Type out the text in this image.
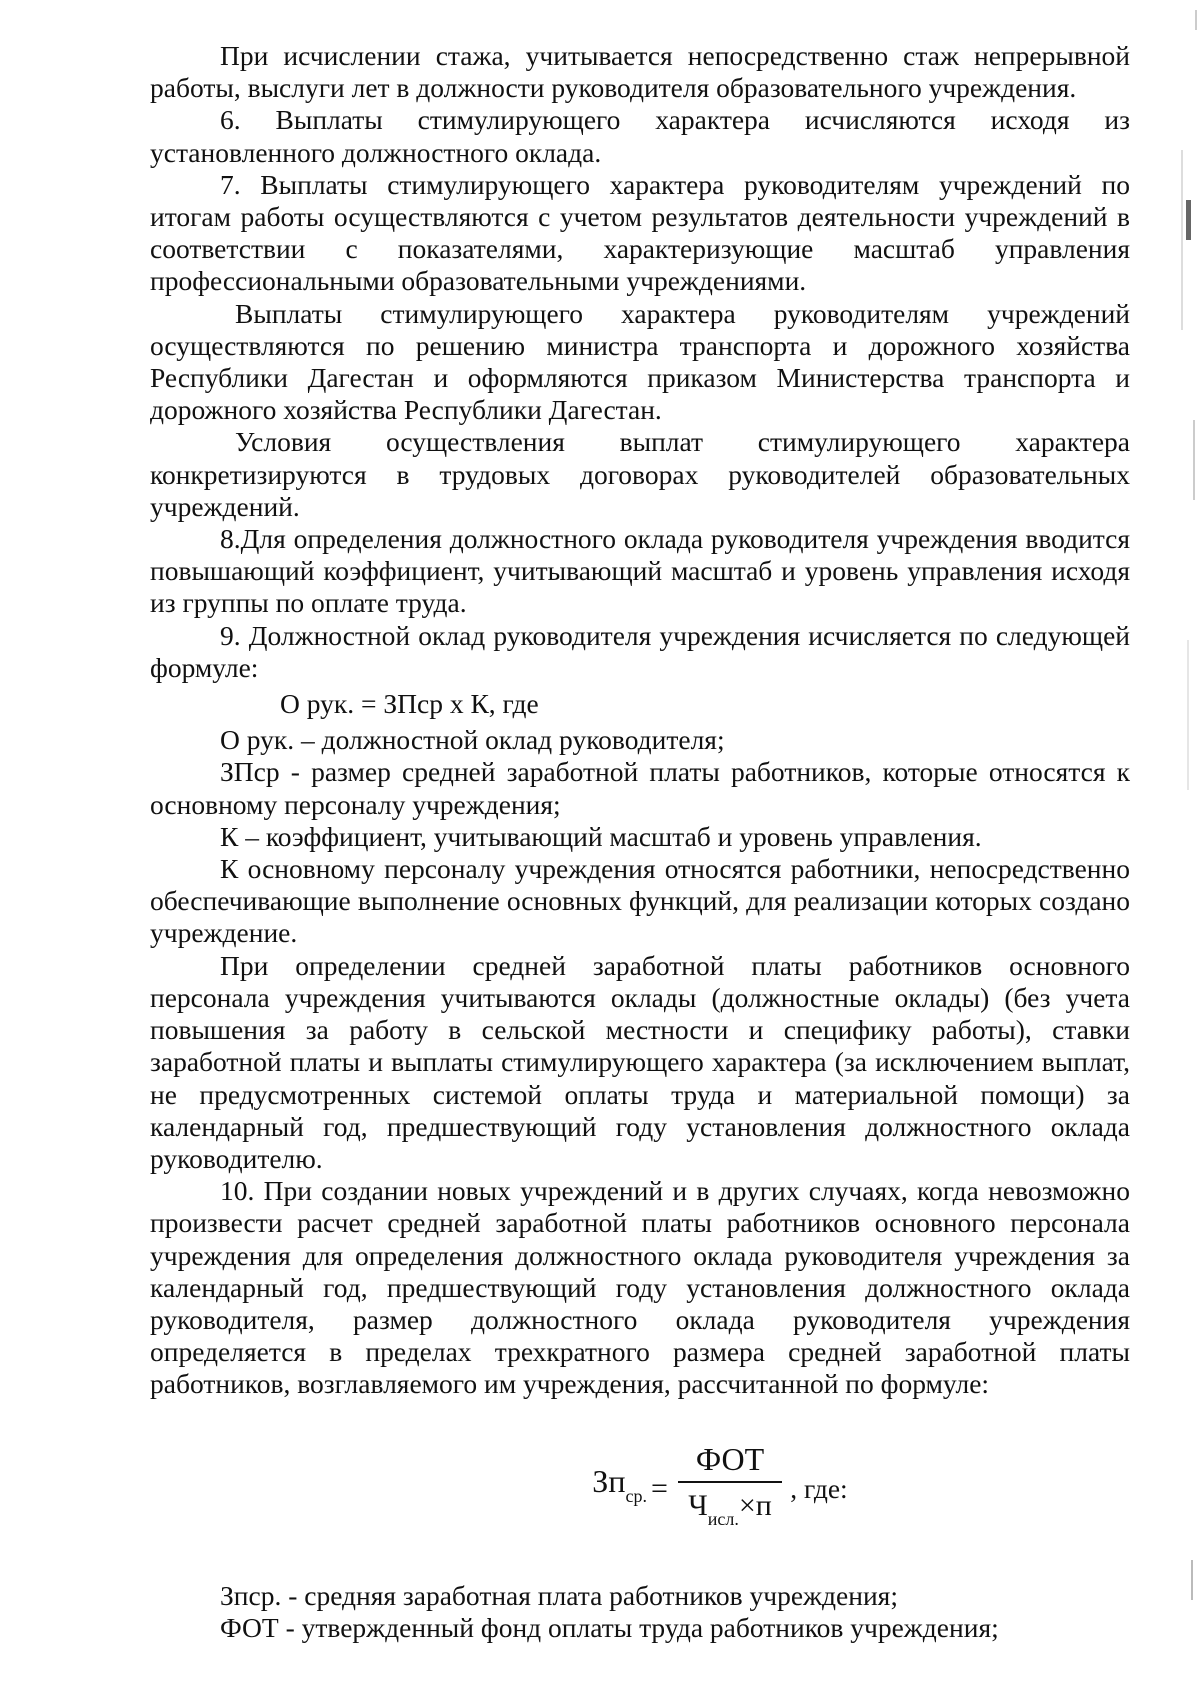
При исчислении стажа, учитывается непосредственно стаж непрерывной работы, выслуги лет в должности руководителя образовательного учреждения.

6. Выплаты стимулирующего характера исчисляются исходя из установленного должностного оклада.

7. Выплаты стимулирующего характера руководителям учреждений по итогам работы осуществляются с учетом результатов деятельности учреждений в соответствии с показателями, характеризующие масштаб управления профессиональными образовательными учреждениями.

Выплаты стимулирующего характера руководителям учреждений осуществляются по решению министра транспорта и дорожного хозяйства Республики Дагестан и оформляются приказом Министерства транспорта и дорожного хозяйства Республики Дагестан.

Условия осуществления выплат стимулирующего характера конкретизируются в трудовых договорах руководителей образовательных учреждений.

8.Для определения должностного оклада руководителя учреждения вводится повышающий коэффициент, учитывающий масштаб и уровень управления исходя из группы по оплате труда.

9. Должностной оклад руководителя учреждения исчисляется по следующей формуле:

О рук. = ЗПср х К, где

О рук. – должностной оклад руководителя;

ЗПср - размер средней заработной платы работников, которые относятся к основному персоналу учреждения;

К – коэффициент, учитывающий масштаб и уровень управления.

К основному персоналу учреждения относятся работники, непосредственно обеспечивающие выполнение основных функций, для реализации которых создано учреждение.

При определении средней заработной платы работников основного персонала учреждения учитываются оклады (должностные оклады) (без учета повышения за работу в сельской местности и специфику работы), ставки заработной платы и выплаты стимулирующего характера (за исключением выплат, не предусмотренных системой оплаты труда и материальной помощи) за календарный год, предшествующий году установления должностного оклада руководителю.

10. При создании новых учреждений и в других случаях, когда невозможно произвести расчет средней заработной платы работников основного персонала учреждения для определения должностного оклада руководителя учреждения за календарный год, предшествующий году установления должностного оклада руководителя, размер должностного оклада руководителя учреждения определяется в пределах трехкратного размера средней заработной платы работников, возглавляемого им учреждения, рассчитанной по формуле:

$Зп_{ср.} = \frac{\text{ФОТ}}{Ч_{исл.}\times п}$ , где:

Зпср. - средняя заработная плата работников учреждения;

ФОТ - утвержденный фонд оплаты труда работников учреждения;
